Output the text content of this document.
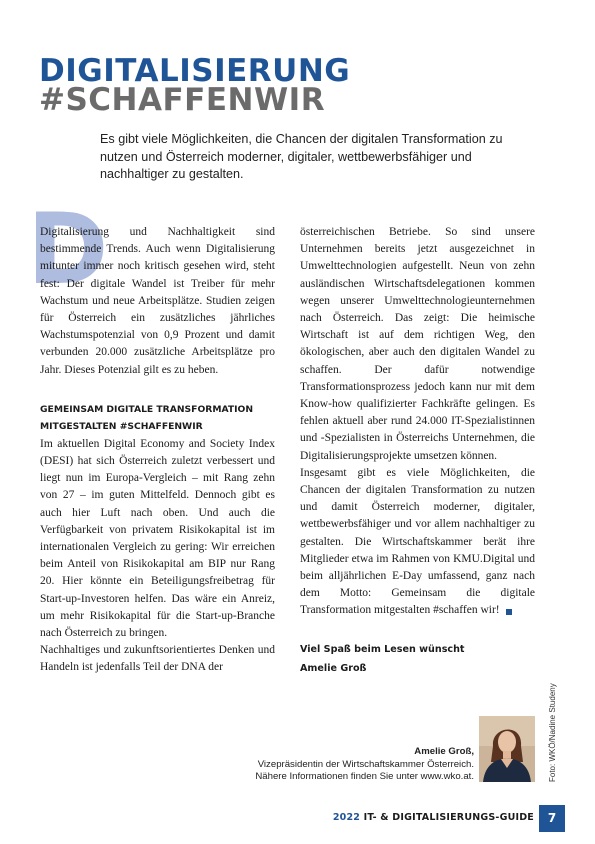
DIGITALISIERUNG
#SCHAFFENWIR

Es gibt viele Möglichkeiten, die Chancen der digitalen Transformation zu nutzen und Österreich moderner, digitaler, wettbewerbsfähiger und nachhaltiger zu gestalten.

D

Digitalisierung und Nachhaltigkeit sind bestimmende Trends. Auch wenn Digitalisierung mitunter immer noch kritisch gesehen wird, steht fest: Der digitale Wandel ist Treiber für mehr Wachstum und neue Arbeitsplätze. Studien zeigen für Österreich ein zusätzliches jährliches Wachstumspotenzial von 0,9 Prozent und damit verbunden 20.000 zusätzliche Arbeitsplätze pro Jahr. Dieses Potenzial gilt es zu heben.

GEMEINSAM DIGITALE TRANSFORMATION MITGESTALTEN #SCHAFFENWIR

Im aktuellen Digital Economy and Society Index (DESI) hat sich Österreich zuletzt verbessert und liegt nun im Europa-Vergleich – mit Rang zehn von 27 – im guten Mittelfeld. Dennoch gibt es auch hier Luft nach oben. Und auch die Verfügbarkeit von privatem Risikokapital ist im internationalen Vergleich zu gering: Wir erreichen beim Anteil von Risikokapital am BIP nur Rang 20. Hier könnte ein Beteiligungsfreibetrag für Start-up-Investoren helfen. Das wäre ein Anreiz, um mehr Risikokapital für die Start-up-Branche nach Österreich zu bringen.

Nachhaltiges und zukunftsorientiertes Denken und Handeln ist jedenfalls Teil der DNA der

österreichischen Betriebe. So sind unsere Unternehmen bereits jetzt ausgezeichnet in Umwelttechnologien aufgestellt. Neun von zehn ausländischen Wirtschaftsdelegationen kommen wegen unserer Umwelttechnologieunternehmen nach Österreich. Das zeigt: Die heimische Wirtschaft ist auf dem richtigen Weg, den ökologischen, aber auch den digitalen Wandel zu schaffen. Der dafür notwendige Transformationsprozess jedoch kann nur mit dem Know-how qualifizierter Fachkräfte gelingen. Es fehlen aktuell aber rund 24.000 IT-Spezialistinnen und -Spezialisten in Österreichs Unternehmen, die Digitalisierungsprojekte umsetzen können.

Insgesamt gibt es viele Möglichkeiten, die Chancen der digitalen Transformation zu nutzen und damit Österreich moderner, digitaler, wettbewerbsfähiger und vor allem nachhaltiger zu gestalten. Die Wirtschaftskammer berät ihre Mitglieder etwa im Rahmen von KMU.Digital und beim alljährlichen E-Day umfassend, ganz nach dem Motto: Gemeinsam die digitale Transformation mitgestalten #schaffen wir!

Viel Spaß beim Lesen wünscht
Amelie Groß

Foto: WKÖ/Nadine Studeny
Amelie Groß,
Vizepräsidentin der Wirtschaftskammer Österreich.
Nähere Informationen finden Sie unter www.wko.at.
2022 IT- & DIGITALISIERUNGS-GUIDE	7
